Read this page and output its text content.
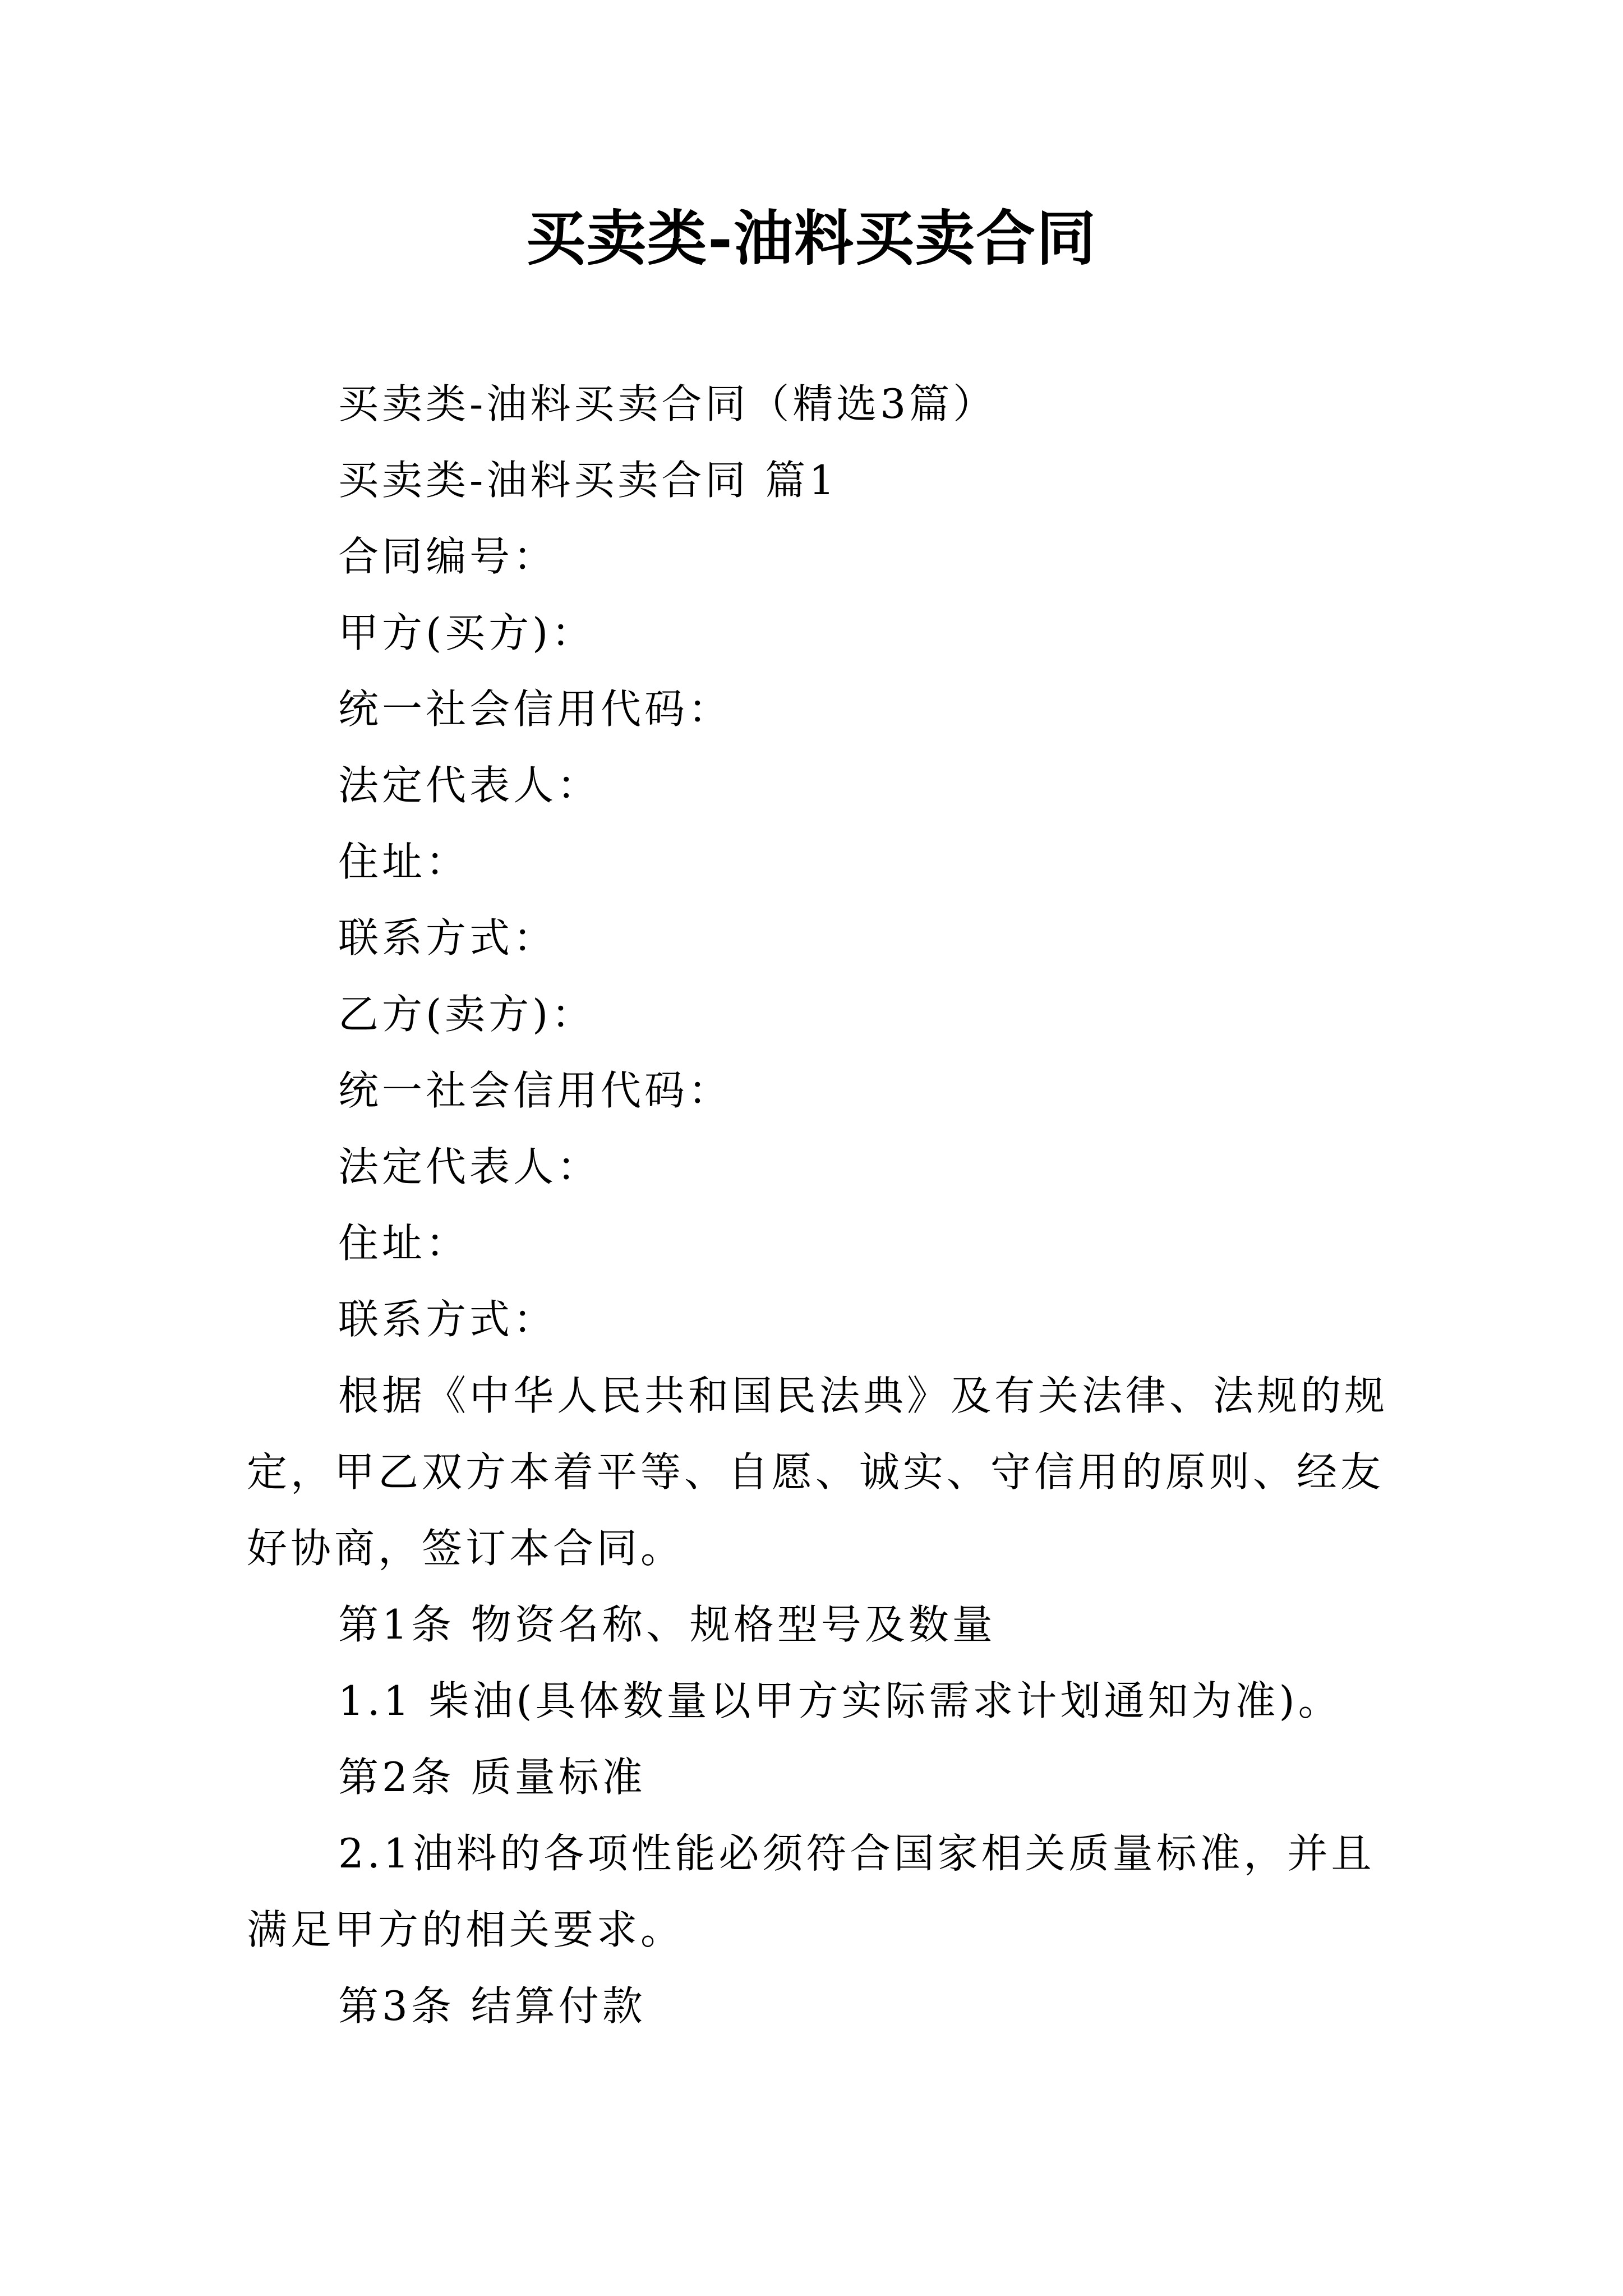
买卖类-油料买卖合同
买卖类-油料买卖合同（精选3篇）
买卖类-油料买卖合同 篇1
合同编号：
甲方(买方)：
统一社会信用代码：
法定代表人：
住址：
联系方式：
乙方(卖方)：
统一社会信用代码：
法定代表人：
住址：
联系方式：
根据《中华人民共和国民法典》及有关法律、法规的规
定，甲乙双方本着平等、自愿、诚实、守信用的原则、经友
好协商，签订本合同。
第1条 物资名称、规格型号及数量
1.1 柴油(具体数量以甲方实际需求计划通知为准)。
第2条 质量标准
2.1油料的各项性能必须符合国家相关质量标准，并且
满足甲方的相关要求。
第3条 结算付款
